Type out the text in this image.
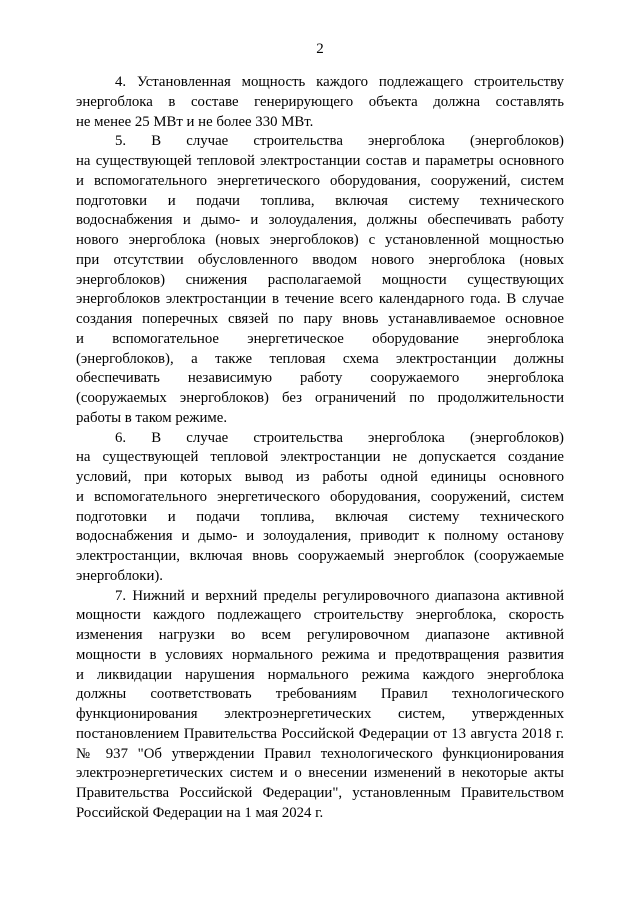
2
4. Установленная мощность каждого подлежащего строительству
энергоблока в составе генерирующего объекта должна составлять
не менее 25 МВт и не более 330 МВт.
5. В случае строительства энергоблока (энергоблоков)
на существующей тепловой электростанции состав и параметры основного
и вспомогательного энергетического оборудования, сооружений, систем
подготовки и подачи топлива, включая систему технического
водоснабжения и дымо- и золоудаления, должны обеспечивать работу
нового энергоблока (новых энергоблоков) с установленной мощностью
при отсутствии обусловленного вводом нового энергоблока (новых
энергоблоков) снижения располагаемой мощности существующих
энергоблоков электростанции в течение всего календарного года. В случае
создания поперечных связей по пару вновь устанавливаемое основное
и вспомогательное энергетическое оборудование энергоблока
(энергоблоков), а также тепловая схема электростанции должны
обеспечивать независимую работу сооружаемого энергоблока
(сооружаемых энергоблоков) без ограничений по продолжительности
работы в таком режиме.
6. В случае строительства энергоблока (энергоблоков)
на существующей тепловой электростанции не допускается создание
условий, при которых вывод из работы одной единицы основного
и вспомогательного энергетического оборудования, сооружений, систем
подготовки и подачи топлива, включая систему технического
водоснабжения и дымо- и золоудаления, приводит к полному останову
электростанции, включая вновь сооружаемый энергоблок (сооружаемые
энергоблоки).
7. Нижний и верхний пределы регулировочного диапазона активной
мощности каждого подлежащего строительству энергоблока, скорость
изменения нагрузки во всем регулировочном диапазоне активной
мощности в условиях нормального режима и предотвращения развития
и ликвидации нарушения нормального режима каждого энергоблока
должны соответствовать требованиям Правил технологического
функционирования электроэнергетических систем, утвержденных
постановлением Правительства Российской Федерации от 13 августа 2018 г.
№ 937 "Об утверждении Правил технологического функционирования
электроэнергетических систем и о внесении изменений в некоторые акты
Правительства Российской Федерации", установленным Правительством
Российской Федерации на 1 мая 2024 г.
